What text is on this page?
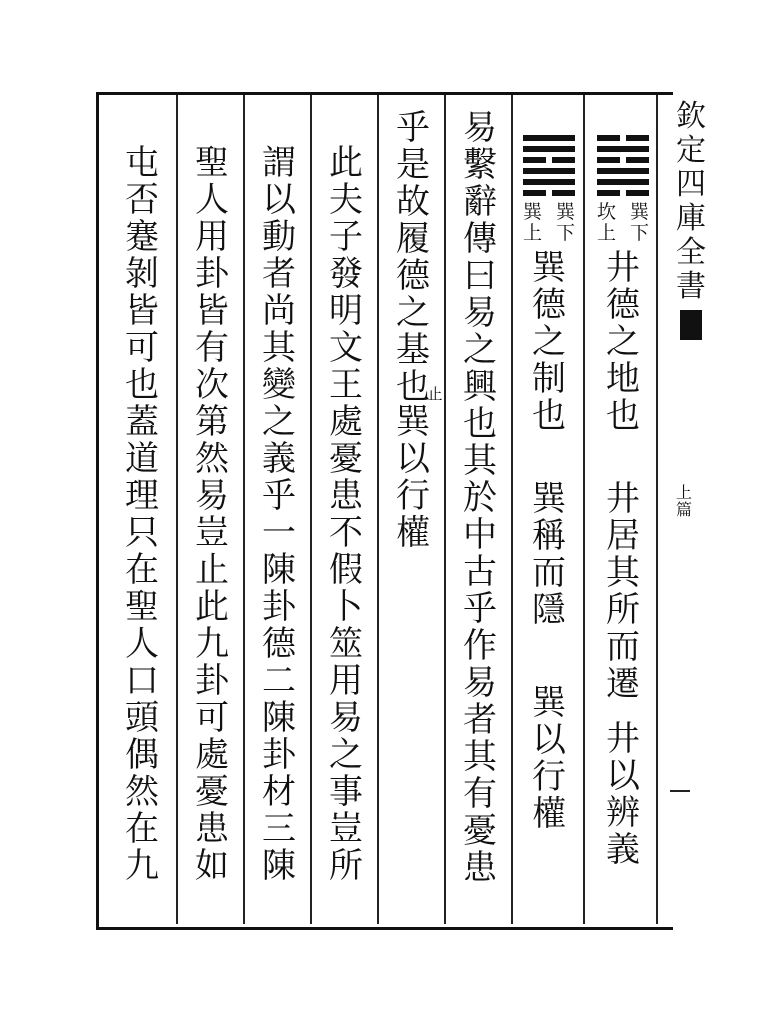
坎
上
巽
下
井
德
之
地
也
井
居
其
所
而
遷
井
以
辨
義
巽
上
巽
下
巽
德
之
制
也
巽
稱
而
隱
巽
以
行
權
易
繫
辭
傳
曰
易
之
興
也
其
於
中
古
乎
作
易
者
其
有
憂
患
乎
是
故
履
德
之
基
也
止
巽
以
行
權
此
夫
子
發
明
文
王
處
憂
患
不
假
卜
筮
用
易
之
事
豈
所
謂
以
動
者
尚
其
變
之
義
乎
一
陳
卦
德
二
陳
卦
材
三
陳
聖
人
用
卦
皆
有
次
第
然
易
豈
止
此
九
卦
可
處
憂
患
如
屯
否
蹇
剝
皆
可
也
蓋
道
理
只
在
聖
人
口
頭
偶
然
在
九
欽
定
四
庫
全
書
上
篇
